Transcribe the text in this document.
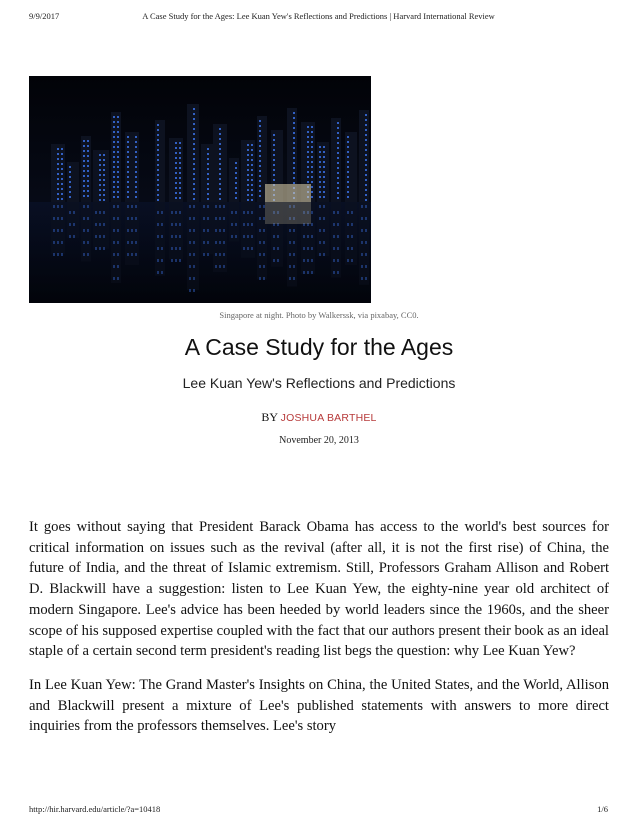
9/9/2017	A Case Study for the Ages: Lee Kuan Yew's Reflections and Predictions | Harvard International Review
Singapore at night. Photo by Walkerssk, via pixabay, CC0.
A Case Study for the Ages
Lee Kuan Yew's Reflections and Predictions
BY JOSHUA BARTHEL
November 20, 2013

It goes without saying that President Barack Obama has access to the world's best sources for critical information on issues such as the revival (after all, it is not the first rise) of China, the future of India, and the threat of Islamic extremism. Still, Professors Graham Allison and Robert D. Blackwill have a suggestion: listen to Lee Kuan Yew, the eighty-nine year old architect of modern Singapore. Lee's advice has been heeded by world leaders since the 1960s, and the sheer scope of his supposed expertise coupled with the fact that our authors present their book as an ideal staple of a certain second term president's reading list begs the question: why Lee Kuan Yew?

In Lee Kuan Yew: The Grand Master's Insights on China, the United States, and the World, Allison and Blackwill present a mixture of Lee's published statements with answers to more direct inquiries from the professors themselves. Lee's story

http://hir.harvard.edu/article/?a=10418	1/6
